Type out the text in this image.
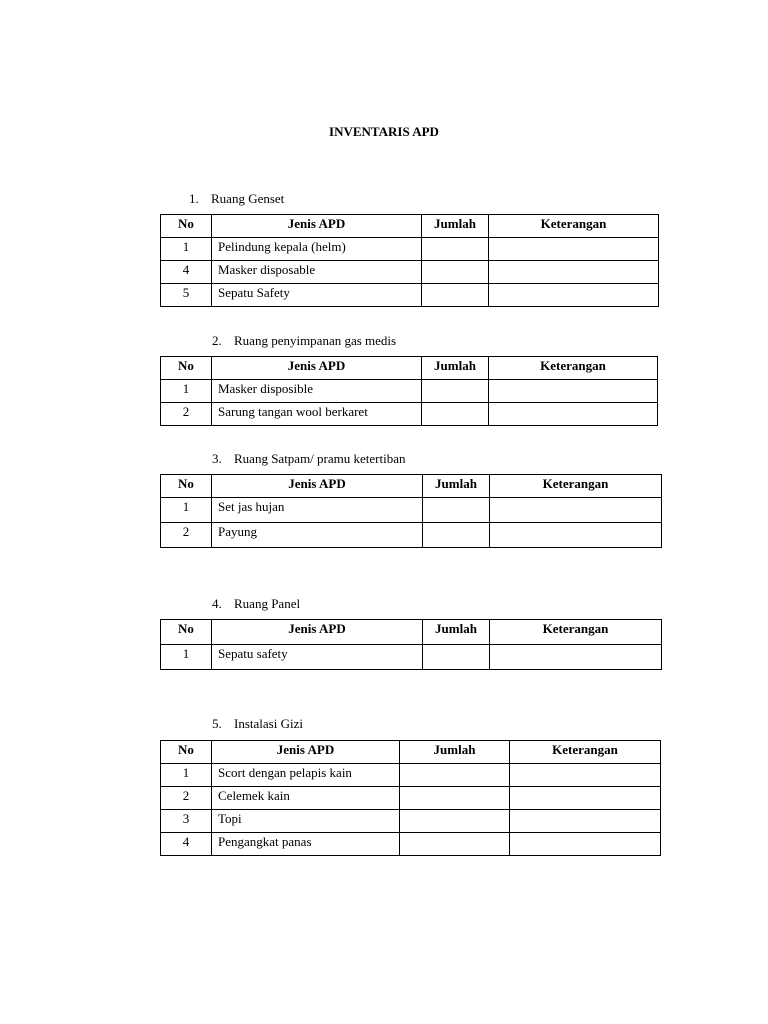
INVENTARIS APD
1. Ruang Genset
No	Jenis APD	Jumlah	Keterangan
1	Pelindung kepala (helm)		
4	Masker disposable		
5	Sepatu Safety		
2. Ruang penyimpanan gas medis
No	Jenis APD	Jumlah	Keterangan
1	Masker disposible		
2	Sarung tangan wool berkaret		
3. Ruang Satpam/ pramu ketertiban
No	Jenis APD	Jumlah	Keterangan
1	Set jas hujan		
2	Payung		
4. Ruang Panel
No	Jenis APD	Jumlah	Keterangan
1	Sepatu safety		
5. Instalasi Gizi
No	Jenis APD	Jumlah	Keterangan
1	Scort dengan pelapis kain		
2	Celemek kain		
3	Topi		
4	Pengangkat panas		
